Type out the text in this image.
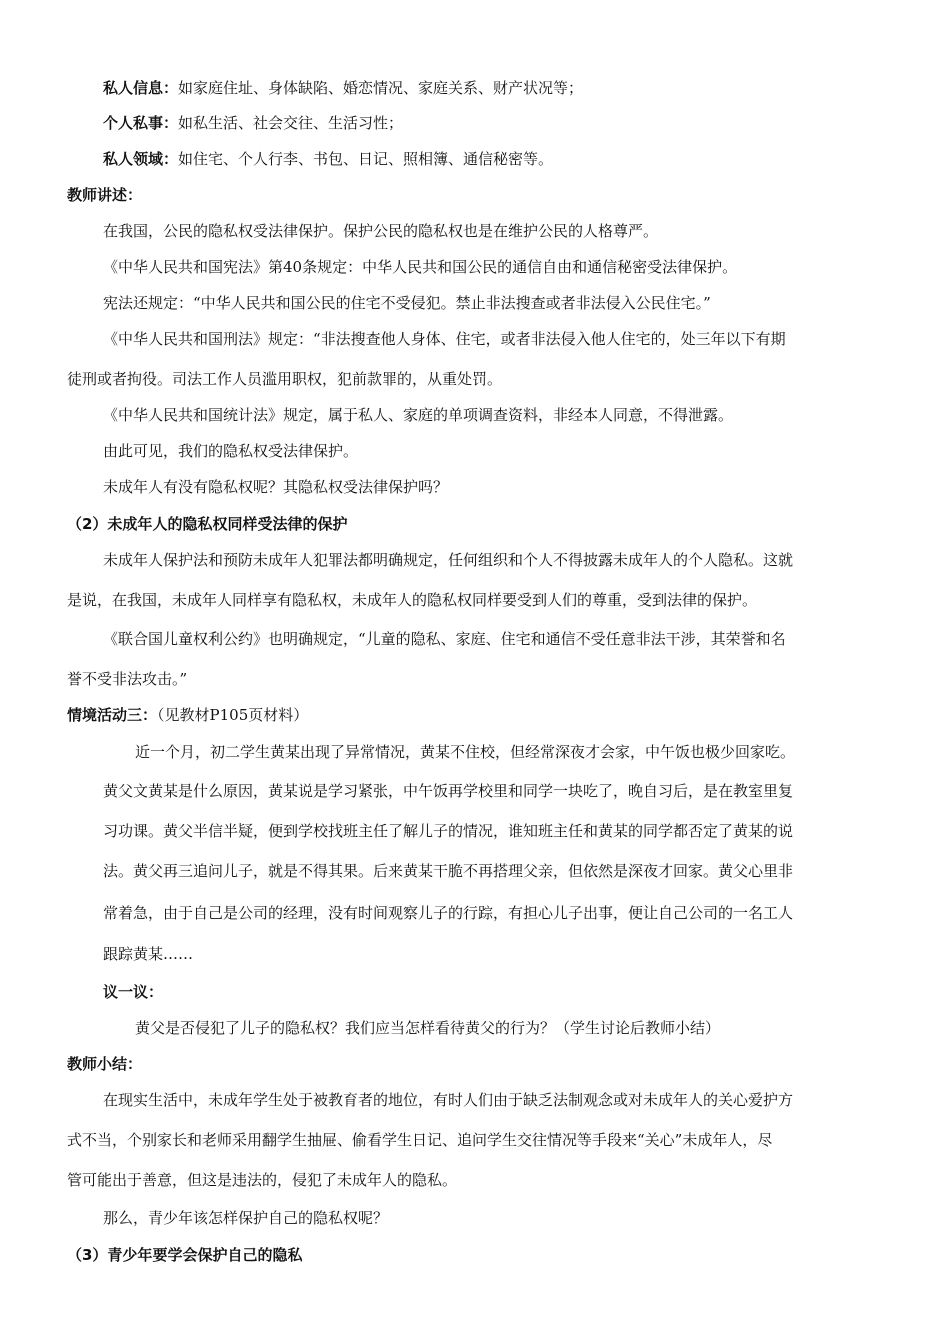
私人信息：如家庭住址、身体缺陷、婚恋情况、家庭关系、财产状况等；
个人私事：如私生活、社会交往、生活习性；
私人领域：如住宅、个人行李、书包、日记、照相簿、通信秘密等。
教师讲述：
在我国，公民的隐私权受法律保护。保护公民的隐私权也是在维护公民的人格尊严。
《中华人民共和国宪法》第40条规定：中华人民共和国公民的通信自由和通信秘密受法律保护。
宪法还规定：“中华人民共和国公民的住宅不受侵犯。禁止非法搜查或者非法侵入公民住宅。”
《中华人民共和国刑法》规定：“非法搜查他人身体、住宅，或者非法侵入他人住宅的，处三年以下有期
徒刑或者拘役。司法工作人员滥用职权，犯前款罪的，从重处罚。
《中华人民共和国统计法》规定，属于私人、家庭的单项调查资料，非经本人同意，不得泄露。
由此可见，我们的隐私权受法律保护。
未成年人有没有隐私权呢？其隐私权受法律保护吗？
（2）未成年人的隐私权同样受法律的保护
未成年人保护法和预防未成年人犯罪法都明确规定，任何组织和个人不得披露未成年人的个人隐私。这就
是说，在我国，未成年人同样享有隐私权，未成年人的隐私权同样要受到人们的尊重，受到法律的保护。
《联合国儿童权利公约》也明确规定，“儿童的隐私、家庭、住宅和通信不受任意非法干涉，其荣誉和名
誉不受非法攻击。”
情境活动三：（见教材P105页材料）
近一个月，初二学生黄某出现了异常情况，黄某不住校，但经常深夜才会家，中午饭也极少回家吃。
黄父文黄某是什么原因，黄某说是学习紧张，中午饭再学校里和同学一块吃了，晚自习后，是在教室里复
习功课。黄父半信半疑，便到学校找班主任了解儿子的情况，谁知班主任和黄某的同学都否定了黄某的说
法。黄父再三追问儿子，就是不得其果。后来黄某干脆不再搭理父亲，但依然是深夜才回家。黄父心里非
常着急，由于自己是公司的经理，没有时间观察儿子的行踪，有担心儿子出事，便让自己公司的一名工人
跟踪黄某……
议一议：
黄父是否侵犯了儿子的隐私权？我们应当怎样看待黄父的行为？（学生讨论后教师小结）
教师小结：
在现实生活中，未成年学生处于被教育者的地位，有时人们由于缺乏法制观念或对未成年人的关心爱护方
式不当，个别家长和老师采用翻学生抽屉、偷看学生日记、追问学生交往情况等手段来“关心”未成年人，尽
管可能出于善意，但这是违法的，侵犯了未成年人的隐私。
那么，青少年该怎样保护自己的隐私权呢？
（3）青少年要学会保护自己的隐私
